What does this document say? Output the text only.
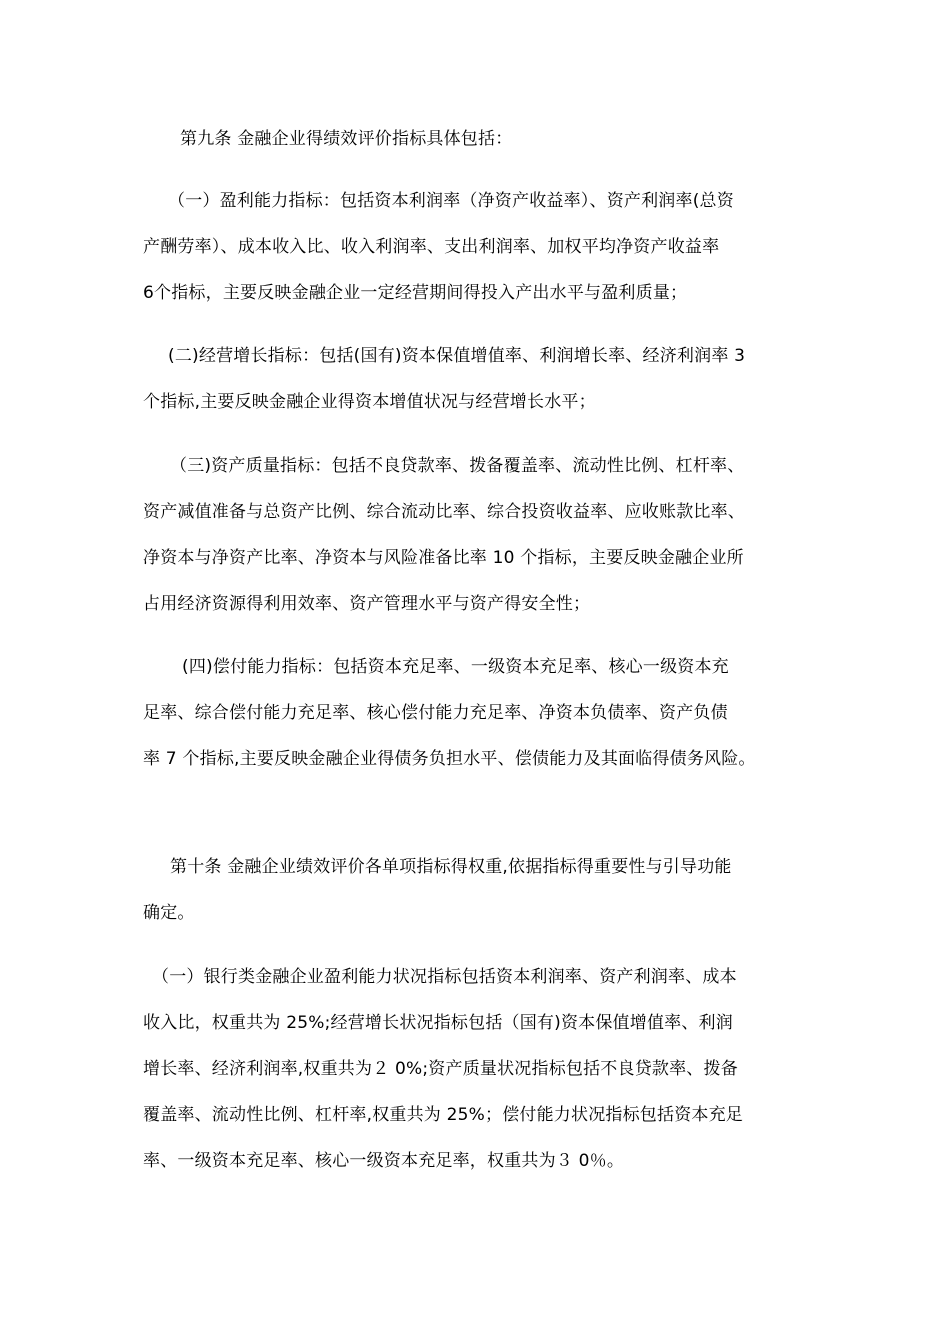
第九条 金融企业得绩效评价指标具体包括：
（一）盈利能力指标：包括资本利润率（净资产收益率）、资产利润率(总资
产酬劳率）、成本收入比、收入利润率、支出利润率、加权平均净资产收益率
6个指标，主要反映金融企业一定经营期间得投入产出水平与盈利质量；
(二)经营增长指标：包括(国有)资本保值增值率、利润增长率、经济利润率 3
个指标,主要反映金融企业得资本增值状况与经营增长水平；
（三)资产质量指标：包括不良贷款率、拨备覆盖率、流动性比例、杠杆率、
资产减值准备与总资产比例、综合流动比率、综合投资收益率、应收账款比率、
净资本与净资产比率、净资本与风险准备比率 10 个指标，主要反映金融企业所
占用经济资源得利用效率、资产管理水平与资产得安全性；
(四)偿付能力指标：包括资本充足率、一级资本充足率、核心一级资本充
足率、综合偿付能力充足率、核心偿付能力充足率、净资本负债率、资产负债
率 7 个指标,主要反映金融企业得债务负担水平、偿债能力及其面临得债务风险。
第十条 金融企业绩效评价各单项指标得权重,依据指标得重要性与引导功能
确定。
（一）银行类金融企业盈利能力状况指标包括资本利润率、资产利润率、成本
收入比，权重共为 25%;经营增长状况指标包括（国有)资本保值增值率、利润
增长率、经济利润率,权重共为２ 0%;资产质量状况指标包括不良贷款率、拨备
覆盖率、流动性比例、杠杆率,权重共为 25%；偿付能力状况指标包括资本充足
率、一级资本充足率、核心一级资本充足率，权重共为３ 0％。
